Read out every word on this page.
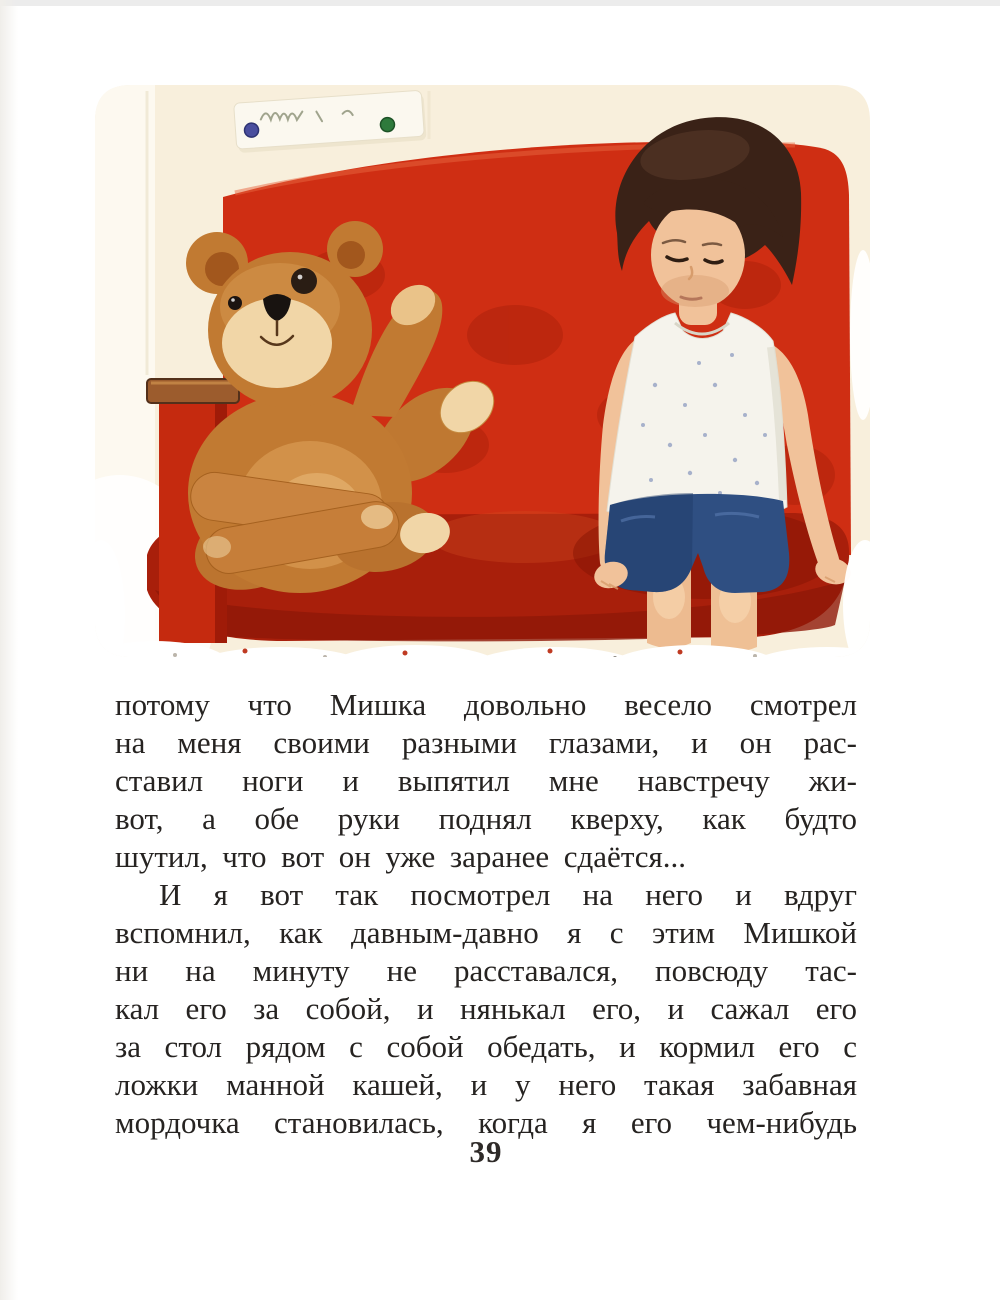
потому что Мишка довольно весело смотрел
на меня своими разными глазами, и он рас-
ставил ноги и выпятил мне навстречу жи-
вот, а обе руки поднял кверху, как будто
шутил, что вот он уже заранее сдаётся...
И я вот так посмотрел на него и вдруг
вспомнил, как давным-давно я с этим Мишкой
ни на минуту не расставался, повсюду тас-
кал его за собой, и нянькал его, и сажал его
за стол рядом с собой обедать, и кормил его с
ложки манной кашей, и у него такая забавная
мордочка становилась, когда я его чем-нибудь
39
